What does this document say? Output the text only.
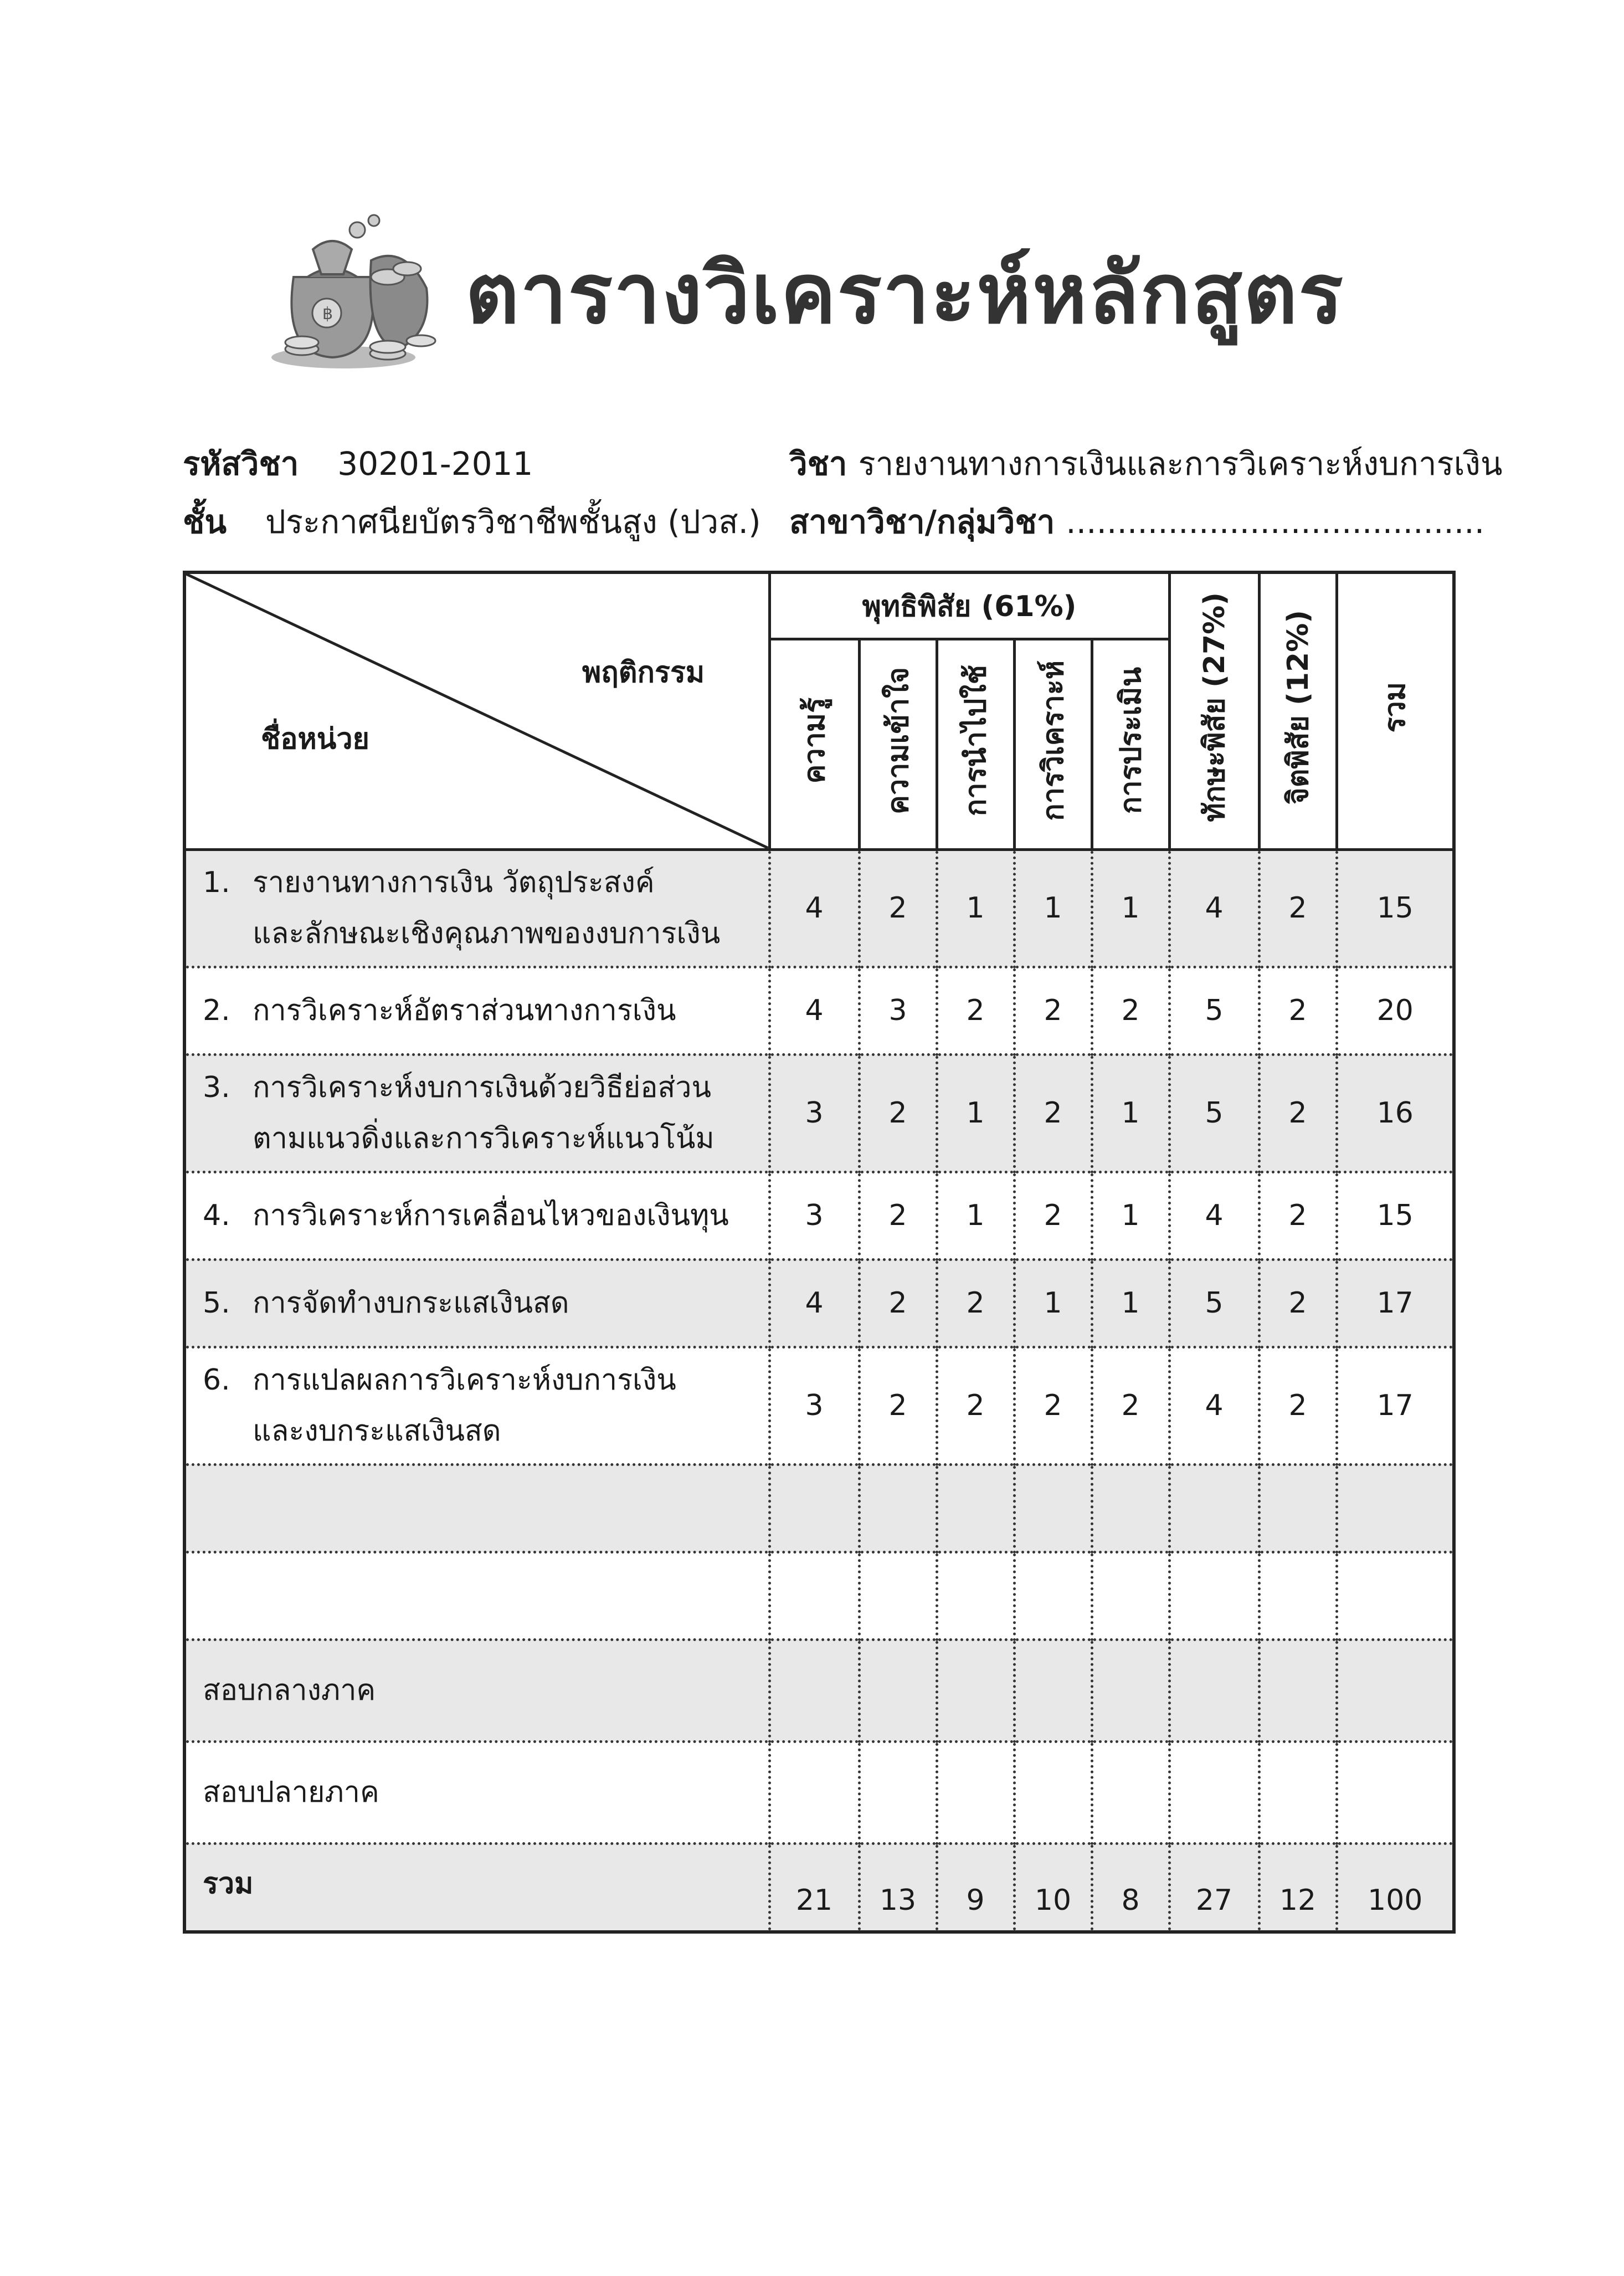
฿ ตารางวิเคราะห์หลักสูตร
รหัสวิชา 30201-2011	วิชา รายงานทางการเงินและการวิเคราะห์งบการเงิน
ชั้น ประกาศนียบัตรวิชาชีพชั้นสูง (ปวส.) สาขาวิชา/กลุ่มวิชา .........................................
พฤติกรรม
ชื่อหน่วย	พุทธิพิสัย (61%)					ทักษะพิสัย (27%)	จิตพิสัย (12%)	รวม
	ความรู้	ความเข้าใจ	การนำไปใช้	การวิเคราะห์	การประเมิน			
1. รายงานทางการเงิน วัตถุประสงค์
และลักษณะเชิงคุณภาพของงบการเงิน	4	2	1	1	1	4	2	15
2. การวิเคราะห์อัตราส่วนทางการเงิน	4	3	2	2	2	5	2	20
3. การวิเคราะห์งบการเงินด้วยวิธีย่อส่วน
ตามแนวดิ่งและการวิเคราะห์แนวโน้ม	3	2	1	2	1	5	2	16
4. การวิเคราะห์การเคลื่อนไหวของเงินทุน	3	2	1	2	1	4	2	15
5. การจัดทำงบกระแสเงินสด	4	2	2	1	1	5	2	17
6. การแปลผลการวิเคราะห์งบการเงิน
และงบกระแสเงินสด	3	2	2	2	2	4	2	17

สอบกลางภาค								
สอบปลายภาค								
รวม	21	13	9	10	8	27	12	100
